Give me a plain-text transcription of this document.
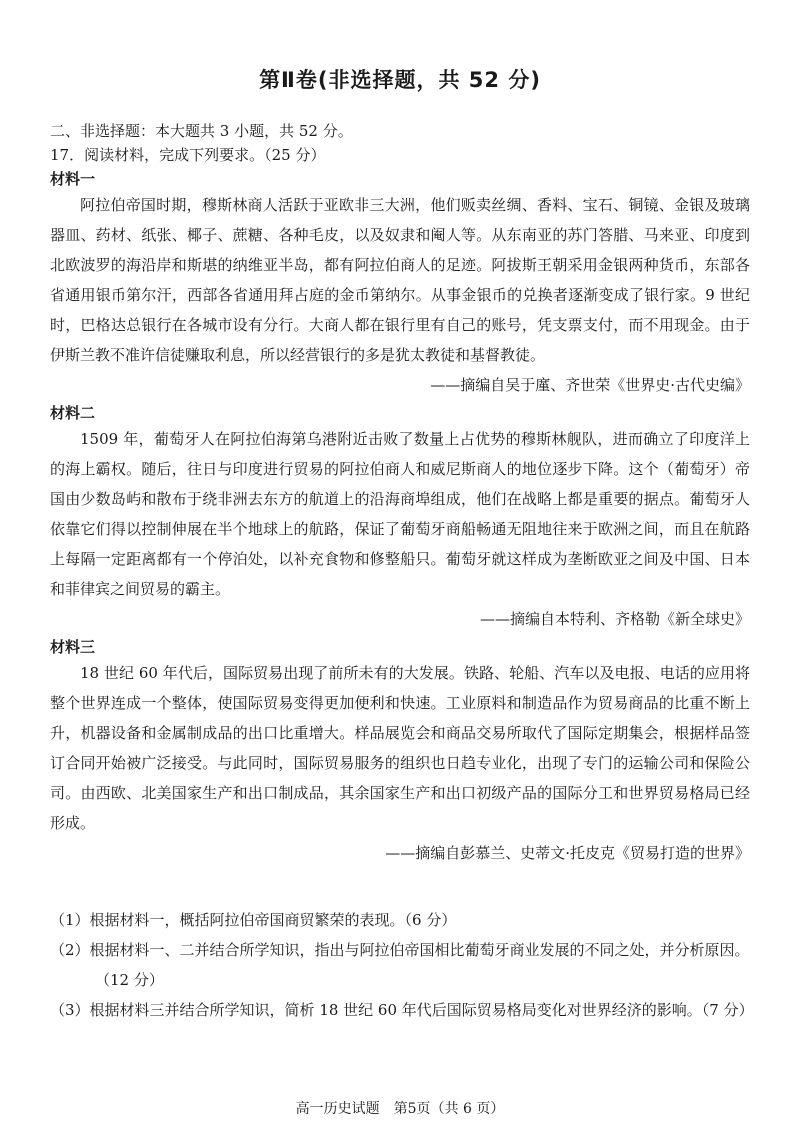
第Ⅱ卷(非选择题，共 52 分)

二、非选择题：本大题共 3 小题，共 52 分。

17．阅读材料，完成下列要求。（25 分）

材料一

阿拉伯帝国时期，穆斯林商人活跃于亚欧非三大洲，他们贩卖丝绸、香料、宝石、铜镜、金银及玻璃器皿、药材、纸张、椰子、蔗糖、各种毛皮，以及奴隶和阉人等。从东南亚的苏门答腊、马来亚、印度到北欧波罗的海沿岸和斯堪的纳维亚半岛，都有阿拉伯商人的足迹。阿拔斯王朝采用金银两种货币，东部各省通用银币第尔汗，西部各省通用拜占庭的金币第纳尔。从事金银币的兑换者逐渐变成了银行家。9 世纪时，巴格达总银行在各城市设有分行。大商人都在银行里有自己的账号，凭支票支付，而不用现金。由于伊斯兰教不准许信徒赚取利息，所以经营银行的多是犹太教徒和基督教徒。

——摘编自吴于廑、齐世荣《世界史·古代史编》

材料二

1509 年，葡萄牙人在阿拉伯海第乌港附近击败了数量上占优势的穆斯林舰队，进而确立了印度洋上的海上霸权。随后，往日与印度进行贸易的阿拉伯商人和威尼斯商人的地位逐步下降。这个（葡萄牙）帝国由少数岛屿和散布于绕非洲去东方的航道上的沿海商埠组成，他们在战略上都是重要的据点。葡萄牙人依靠它们得以控制伸展在半个地球上的航路，保证了葡萄牙商船畅通无阻地往来于欧洲之间，而且在航路上每隔一定距离都有一个停泊处，以补充食物和修整船只。葡萄牙就这样成为垄断欧亚之间及中国、日本和菲律宾之间贸易的霸主。

——摘编自本特利、齐格勒《新全球史》

材料三

18 世纪 60 年代后，国际贸易出现了前所未有的大发展。铁路、轮船、汽车以及电报、电话的应用将整个世界连成一个整体，使国际贸易变得更加便利和快速。工业原料和制造品作为贸易商品的比重不断上升，机器设备和金属制成品的出口比重增大。样品展览会和商品交易所取代了国际定期集会，根据样品签订合同开始被广泛接受。与此同时，国际贸易服务的组织也日趋专业化，出现了专门的运输公司和保险公司。由西欧、北美国家生产和出口制成品，其余国家生产和出口初级产品的国际分工和世界贸易格局已经形成。

——摘编自彭慕兰、史蒂文·托皮克《贸易打造的世界》

（1）根据材料一，概括阿拉伯帝国商贸繁荣的表现。（6 分）

（2）根据材料一、二并结合所学知识，指出与阿拉伯帝国相比葡萄牙商业发展的不同之处，并分析原因。（12 分）

（3）根据材料三并结合所学知识，简析 18 世纪 60 年代后国际贸易格局变化对世界经济的影响。（7 分）

高一历史试题　第5页（共 6 页）
